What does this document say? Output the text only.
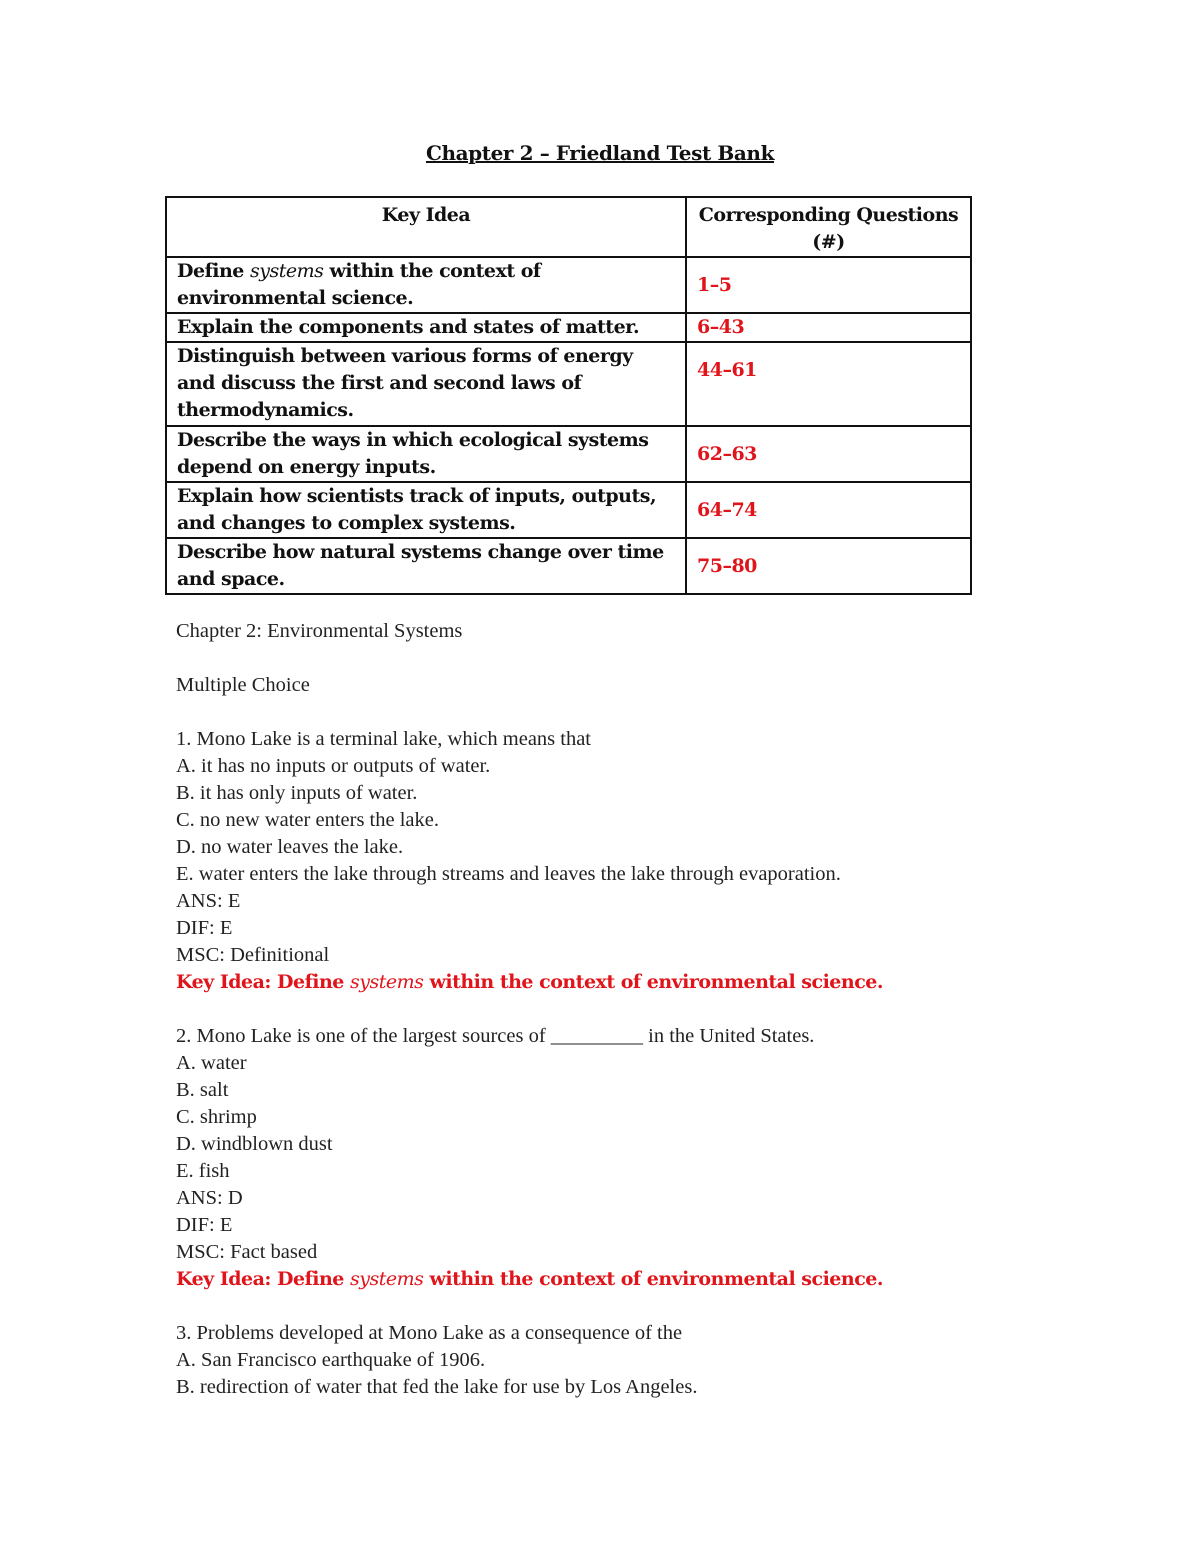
Chapter 2 – Friedland Test Bank
Key Idea	Corresponding Questions (#)
Define systems within the context of environmental science.	1–5
Explain the components and states of matter.	6–43
Distinguish between various forms of energy and discuss the first and second laws of thermodynamics.	44–61
Describe the ways in which ecological systems depend on energy inputs.	62–63
Explain how scientists track of inputs, outputs, and changes to complex systems.	64–74
Describe how natural systems change over time and space.	75–80
Chapter 2: Environmental Systems
Multiple Choice
1. Mono Lake is a terminal lake, which means that
A. it has no inputs or outputs of water.
B. it has only inputs of water.
C. no new water enters the lake.
D. no water leaves the lake.
E. water enters the lake through streams and leaves the lake through evaporation.
ANS: E
DIF: E
MSC: Definitional
Key Idea: Define systems within the context of environmental science.
2. Mono Lake is one of the largest sources of _________ in the United States.
A. water
B. salt
C. shrimp
D. windblown dust
E. fish
ANS: D
DIF: E
MSC: Fact based
Key Idea: Define systems within the context of environmental science.
3. Problems developed at Mono Lake as a consequence of the
A. San Francisco earthquake of 1906.
B. redirection of water that fed the lake for use by Los Angeles.
